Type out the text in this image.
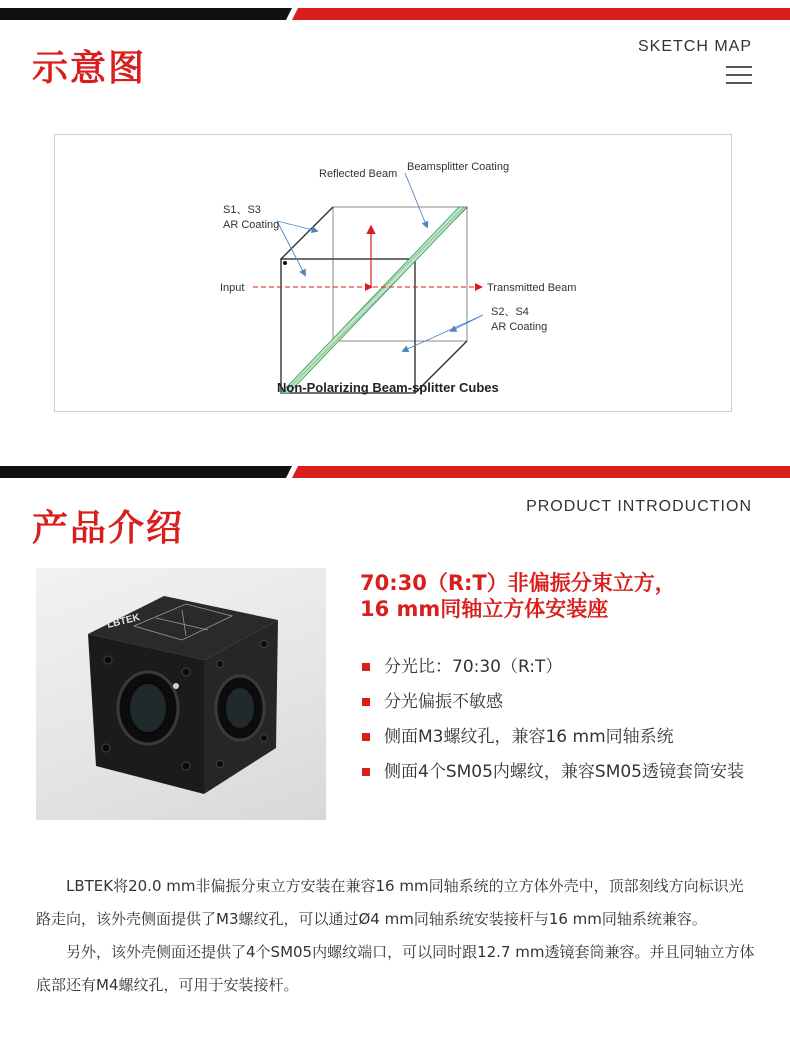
示意图
SKETCH MAP
Reflected Beam
Beamsplitter Coating
S1、S3
AR Coating
Input	Transmitted Beam
S2、S4
AR Coating
Non-Polarizing Beam-splitter Cubes
产品介绍
PRODUCT INTRODUCTION
LBTEK
70:30（R:T）非偏振分束立方，
16 mm同轴立方体安装座
分光比：70:30（R:T）
分光偏振不敏感
侧面M3螺纹孔，兼容16 mm同轴系统
侧面4个SM05内螺纹，兼容SM05透镜套筒安装

LBTEK将20.0 mm非偏振分束立方安装在兼容16 mm同轴系统的立方体外壳中，顶部刻线方向标识光路走向，该外壳侧面提供了M3螺纹孔，可以通过Ø4 mm同轴系统安装接杆与16 mm同轴系统兼容。

另外，该外壳侧面还提供了4个SM05内螺纹端口，可以同时跟12.7 mm透镜套筒兼容。并且同轴立方体底部还有M4螺纹孔，可用于安装接杆。
